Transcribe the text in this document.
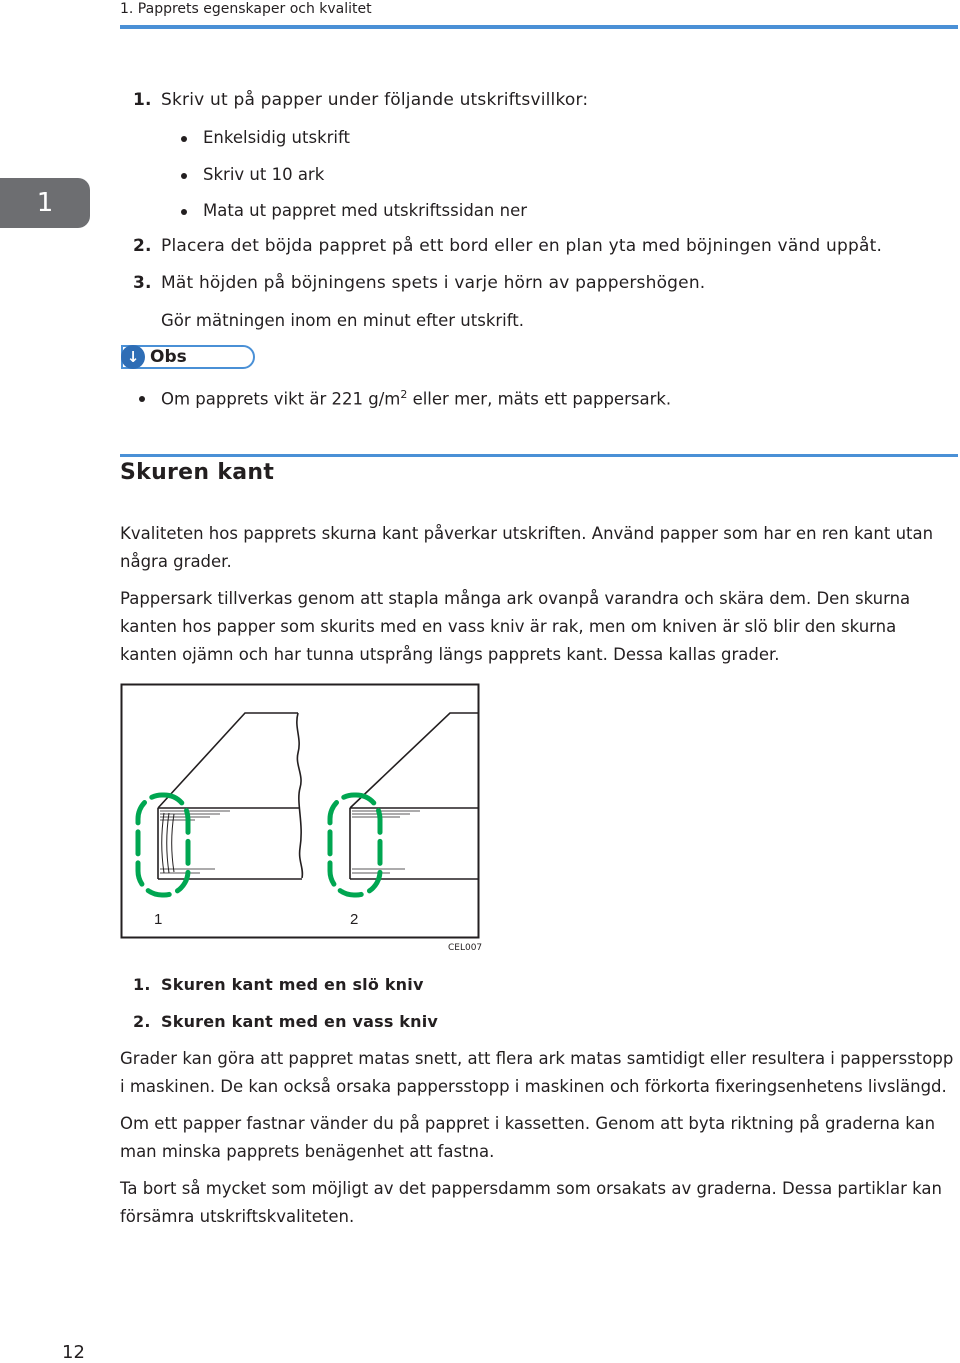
1. Papprets egenskaper och kvalitet
1
1. Skriv ut på papper under följande utskriftsvillkor:
Enkelsidig utskrift
Skriv ut 10 ark
Mata ut pappret med utskriftssidan ner
2. Placera det böjda pappret på ett bord eller en plan yta med böjningen vänd uppåt.
3. Mät höjden på böjningens spets i varje hörn av pappershögen.
Gör mätningen inom en minut efter utskrift.
↓ Obs
Om papprets vikt är 221 $g/m^2$ eller mer, mäts ett pappersark.
Skuren kant
Kvaliteten hos papprets skurna kant påverkar utskriften. Använd papper som har en ren kant utan några grader.
Pappersark tillverkas genom att stapla många ark ovanpå varandra och skära dem. Den skurna kanten hos papper som skurits med en vass kniv är rak, men om kniven är slö blir den skurna kanten ojämn och har tunna utsprång längs papprets kant. Dessa kallas grader.
1	2
CEL007
1. Skuren kant med en slö kniv
2. Skuren kant med en vass kniv
Grader kan göra att pappret matas snett, att flera ark matas samtidigt eller resultera i pappersstopp i maskinen. De kan också orsaka pappersstopp i maskinen och förkorta fixeringsenhetens livslängd.
Om ett papper fastnar vänder du på pappret i kassetten. Genom att byta riktning på graderna kan man minska papprets benägenhet att fastna.
Ta bort så mycket som möjligt av det pappersdamm som orsakats av graderna. Dessa partiklar kan försämra utskriftskvaliteten.
12
